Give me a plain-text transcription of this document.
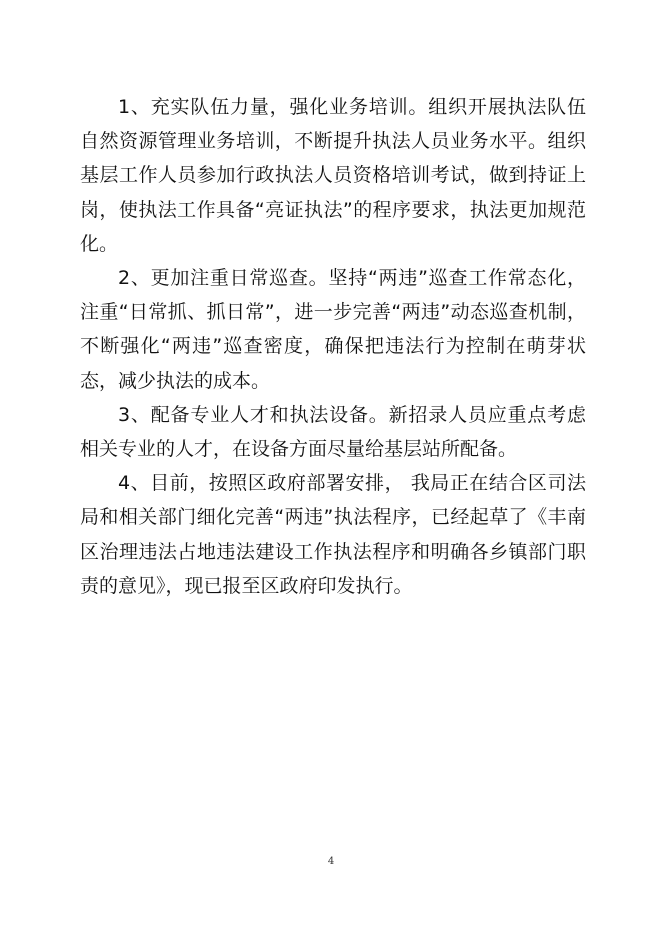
1、充实队伍力量，强化业务培训。组织开展执法队伍自然资源管理业务培训，不断提升执法人员业务水平。组织基层工作人员参加行政执法人员资格培训考试，做到持证上岗，使执法工作具备“亮证执法”的程序要求，执法更加规范化。

2、更加注重日常巡查。坚持“两违”巡查工作常态化，注重“日常抓、抓日常”，进一步完善“两违”动态巡查机制，不断强化“两违”巡查密度，确保把违法行为控制在萌芽状态，减少执法的成本。

3、配备专业人才和执法设备。新招录人员应重点考虑相关专业的人才，在设备方面尽量给基层站所配备。

4、目前，按照区政府部署安排， 我局正在结合区司法局和相关部门细化完善“两违”执法程序，已经起草了《丰南区治理违法占地违法建设工作执法程序和明确各乡镇部门职责的意见》，现已报至区政府印发执行。

4
